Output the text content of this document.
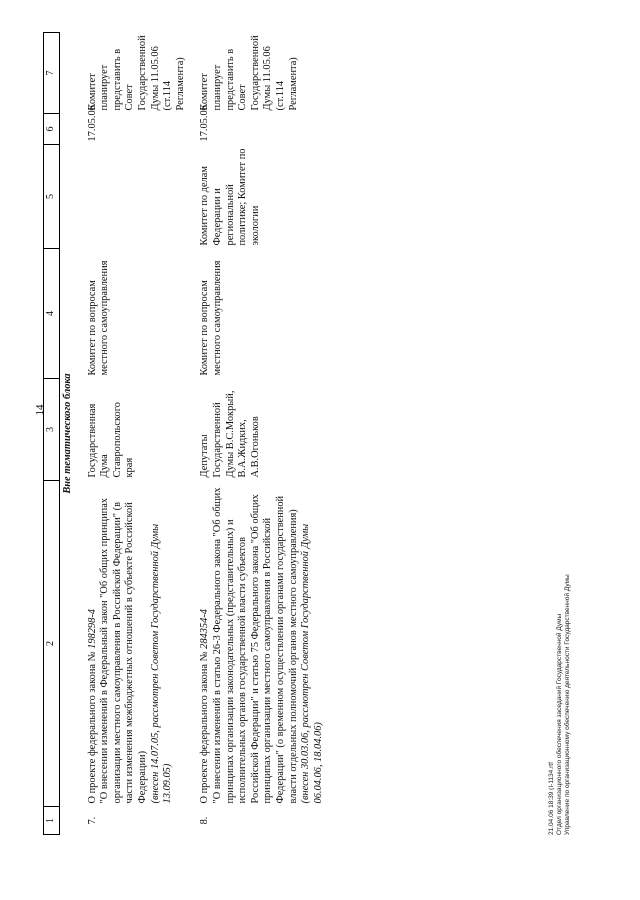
14
1	2	3	4	5	6	7
Вне тематического блока						
7.	О проекте федерального закона № 198298-4 "О внесении изменений в Федеральный закон "Об общих принципах организации местного самоуправления в Российской Федерации" (в части изменения межбюджетных отношений в субъекте Российской Федерации) (внесен 14.07.05, рассмотрен Советом Государственной Думы 13.09.05)	Государственная Дума Ставропольского края	Комитет по вопросам местного самоуправления		17.05.06	Комитет планирует представить в Совет Государственной Думы 11.05.06 (ст.114 Регламента)
8.	О проекте федерального закона № 284354-4 "О внесении изменений в статью 26-3 Федерального закона "Об общих принципах организации законодательных (представительных) и исполнительных органов государственной власти субъектов Российской Федерации" и статью 75 Федерального закона "Об общих принципах организации местного самоуправления в Российской Федерации" (о временном осуществлении органами государственной власти отдельных полномочий органов местного самоуправления) (внесен 30.03.06, рассмотрен Советом Государственной Думы 06.04.06, 18.04.06)	Депутаты Государственной Думы В.С.Мокрый, В.А.Жидких, А.В.Огоньков	Комитет по вопросам местного самоуправления	Комитет по делам Федерации и региональной политике; Комитет по экологии	17.05.06	Комитет планирует представить в Совет Государственной Думы 11.05.06 (ст.114 Регламента)
21.04.06 18:39 (I-1134.rtf Отдел организационного обеспечения заседаний Государственной Думы Управление по организационному обеспечению деятельности Государственной Думы
